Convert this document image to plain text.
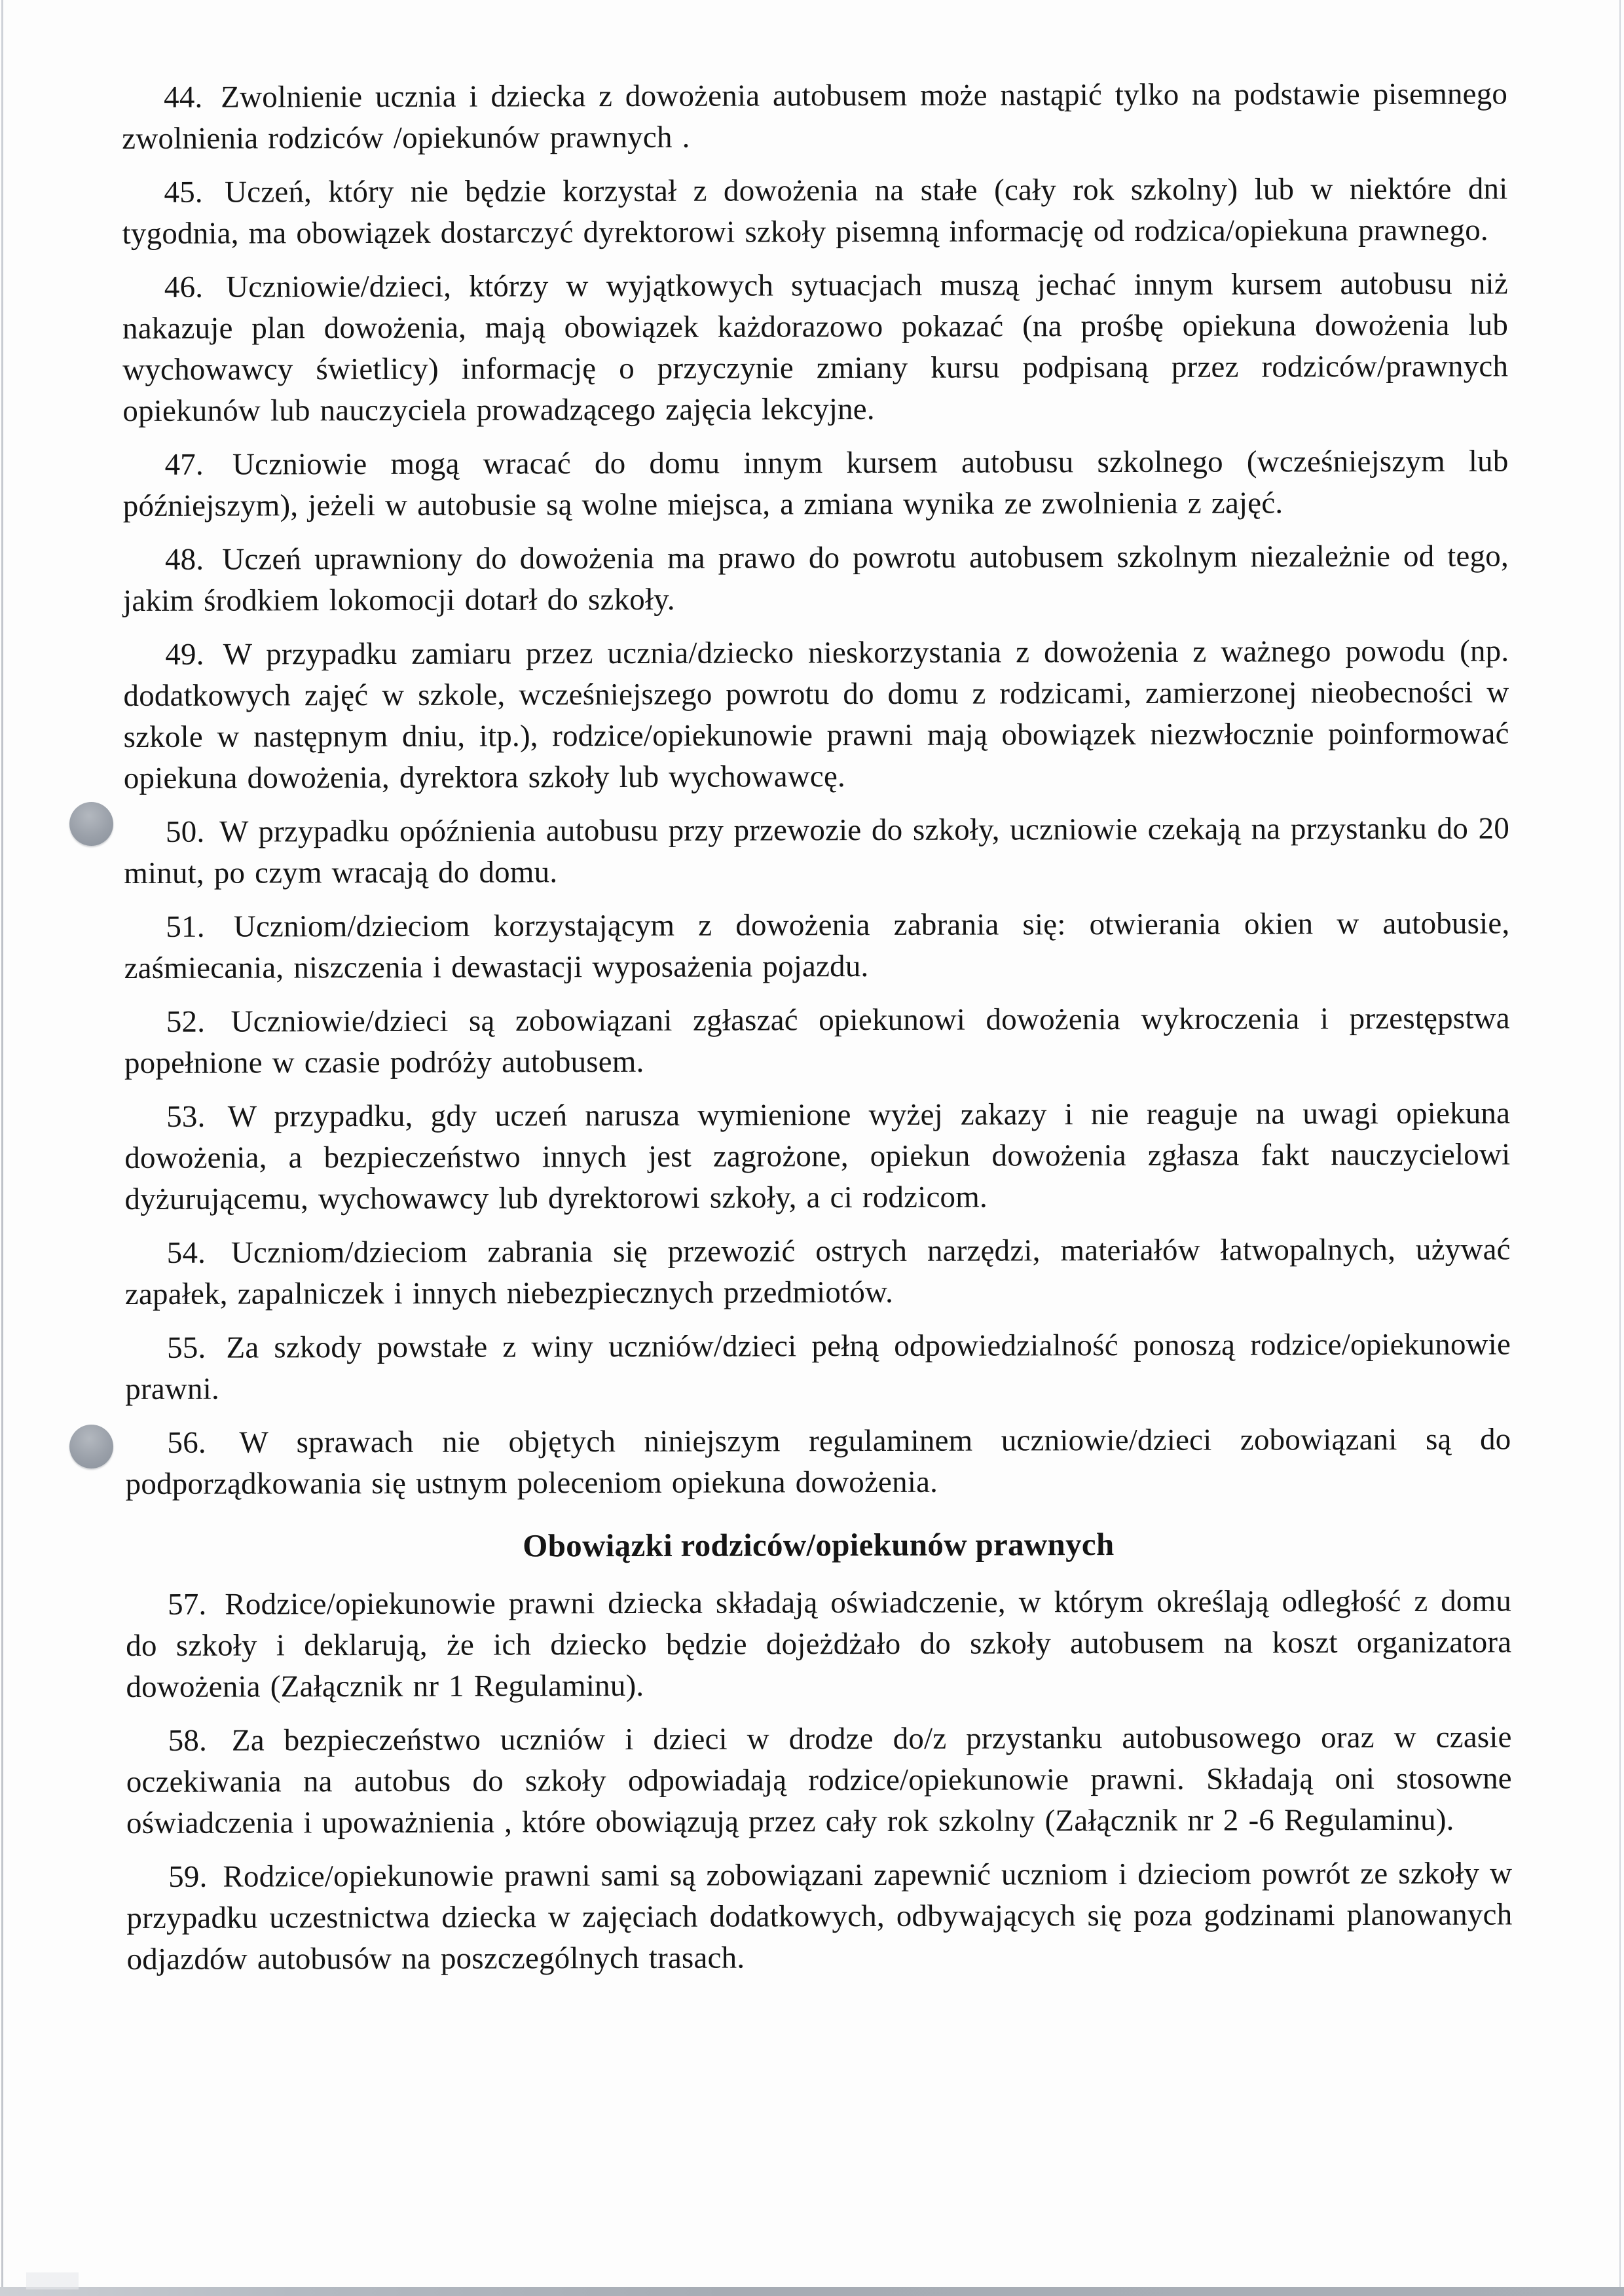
44. Zwolnienie ucznia i dziecka z dowożenia autobusem może nastąpić tylko na podstawie pisemnego zwolnienia rodziców /opiekunów prawnych .

45. Uczeń, który nie będzie korzystał z dowożenia na stałe (cały rok szkolny) lub w niektóre dni tygodnia, ma obowiązek dostarczyć dyrektorowi szkoły pisemną informację od rodzica/opiekuna prawnego.

46. Uczniowie/dzieci, którzy w wyjątkowych sytuacjach muszą jechać innym kursem autobusu niż nakazuje plan dowożenia, mają obowiązek każdorazowo pokazać (na prośbę opiekuna dowożenia lub wychowawcy świetlicy) informację o przyczynie zmiany kursu podpisaną przez rodziców/prawnych opiekunów lub nauczyciela prowadzącego zajęcia lekcyjne.

47. Uczniowie mogą wracać do domu innym kursem autobusu szkolnego (wcześniejszym lub późniejszym), jeżeli w autobusie są wolne miejsca, a zmiana wynika ze zwolnienia z zajęć.

48. Uczeń uprawniony do dowożenia ma prawo do powrotu autobusem szkolnym niezależnie od tego, jakim środkiem lokomocji dotarł do szkoły.

49. W przypadku zamiaru przez ucznia/dziecko nieskorzystania z dowożenia z ważnego powodu (np. dodatkowych zajęć w szkole, wcześniejszego powrotu do domu z rodzicami, zamierzonej nieobecności w szkole w następnym dniu, itp.), rodzice/opiekunowie prawni mają obowiązek niezwłocznie poinformować opiekuna dowożenia, dyrektora szkoły lub wychowawcę.

50. W przypadku opóźnienia autobusu przy przewozie do szkoły, uczniowie czekają na przystanku do 20 minut, po czym wracają do domu.

51. Uczniom/dzieciom korzystającym z dowożenia zabrania się: otwierania okien w autobusie, zaśmiecania, niszczenia i dewastacji wyposażenia pojazdu.

52. Uczniowie/dzieci są zobowiązani zgłaszać opiekunowi dowożenia wykroczenia i przestępstwa popełnione w czasie podróży autobusem.

53. W przypadku, gdy uczeń narusza wymienione wyżej zakazy i nie reaguje na uwagi opiekuna dowożenia, a bezpieczeństwo innych jest zagrożone, opiekun dowożenia zgłasza fakt nauczycielowi dyżurującemu, wychowawcy lub dyrektorowi szkoły, a ci rodzicom.

54. Uczniom/dzieciom zabrania się przewozić ostrych narzędzi, materiałów łatwopalnych, używać zapałek, zapalniczek i innych niebezpiecznych przedmiotów.

55. Za szkody powstałe z winy uczniów/dzieci pełną odpowiedzialność ponoszą rodzice/opiekunowie prawni.

56. W sprawach nie objętych niniejszym regulaminem uczniowie/dzieci zobowiązani są do podporządkowania się ustnym poleceniom opiekuna dowożenia.

Obowiązki rodziców/opiekunów prawnych

57. Rodzice/opiekunowie prawni dziecka składają oświadczenie, w którym określają odległość z domu do szkoły i deklarują, że ich dziecko będzie dojeżdżało do szkoły autobusem na koszt organizatora dowożenia (Załącznik nr 1 Regulaminu).

58. Za bezpieczeństwo uczniów i dzieci w drodze do/z przystanku autobusowego oraz w czasie oczekiwania na autobus do szkoły odpowiadają rodzice/opiekunowie prawni. Składają oni stosowne oświadczenia i upoważnienia , które obowiązują przez cały rok szkolny (Załącznik nr 2 -6 Regulaminu).

59. Rodzice/opiekunowie prawni sami są zobowiązani zapewnić uczniom i dzieciom powrót ze szkoły w przypadku uczestnictwa dziecka w zajęciach dodatkowych, odbywających się poza godzinami planowanych odjazdów autobusów na poszczególnych trasach.
